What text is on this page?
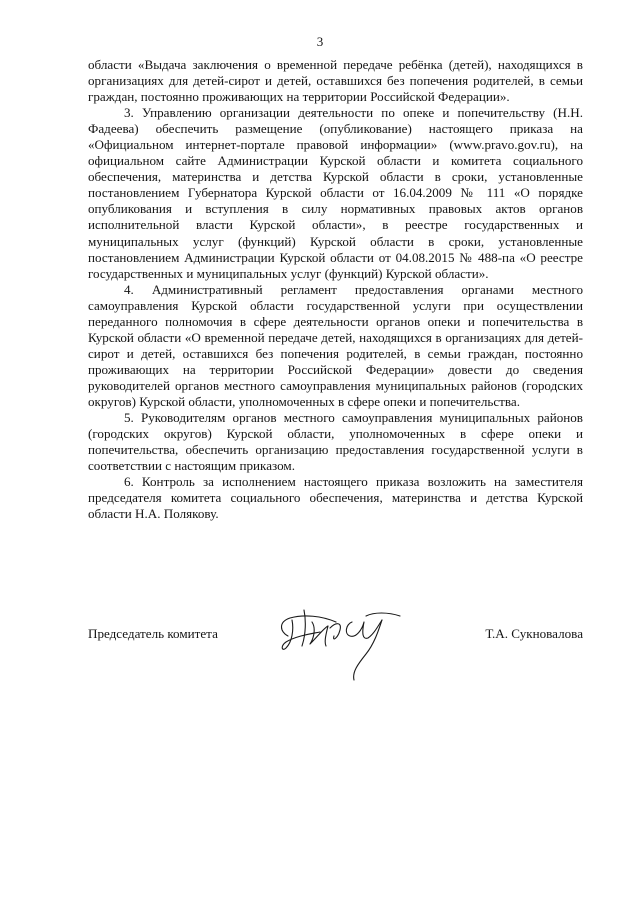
3

области «Выдача заключения о временной передаче ребёнка (детей), находящихся в организациях для детей-сирот и детей, оставшихся без попечения родителей, в семьи граждан, постоянно проживающих на территории Российской Федерации».

3. Управлению организации деятельности по опеке и попечительству (Н.Н. Фадеева) обеспечить размещение (опубликование) настоящего приказа на «Официальном интернет-портале правовой информации» (www.pravo.gov.ru), на официальном сайте Администрации Курской области и комитета социального обеспечения, материнства и детства Курской области в сроки, установленные постановлением Губернатора Курской области от 16.04.2009 № 111 «О порядке опубликования и вступления в силу нормативных правовых актов органов исполнительной власти Курской области», в реестре государственных и муниципальных услуг (функций) Курской области в сроки, установленные постановлением Администрации Курской области от 04.08.2015 № 488-па «О реестре государственных и муниципальных услуг (функций) Курской области».

4. Административный регламент предоставления органами местного самоуправления Курской области государственной услуги при осуществлении переданного полномочия в сфере деятельности органов опеки и попечительства в Курской области «О временной передаче детей, находящихся в организациях для детей-сирот и детей, оставшихся без попечения родителей, в семьи граждан, постоянно проживающих на территории Российской Федерации» довести до сведения руководителей органов местного самоуправления муниципальных районов (городских округов) Курской области, уполномоченных в сфере опеки и попечительства.

5. Руководителям органов местного самоуправления муниципальных районов (городских округов) Курской области, уполномоченных в сфере опеки и попечительства, обеспечить организацию предоставления государственной услуги в соответствии с настоящим приказом.

6. Контроль за исполнением настоящего приказа возложить на заместителя председателя комитета социального обеспечения, материнства и детства Курской области Н.А. Полякову.

Председатель комитета	Т.А. Сукновалова
